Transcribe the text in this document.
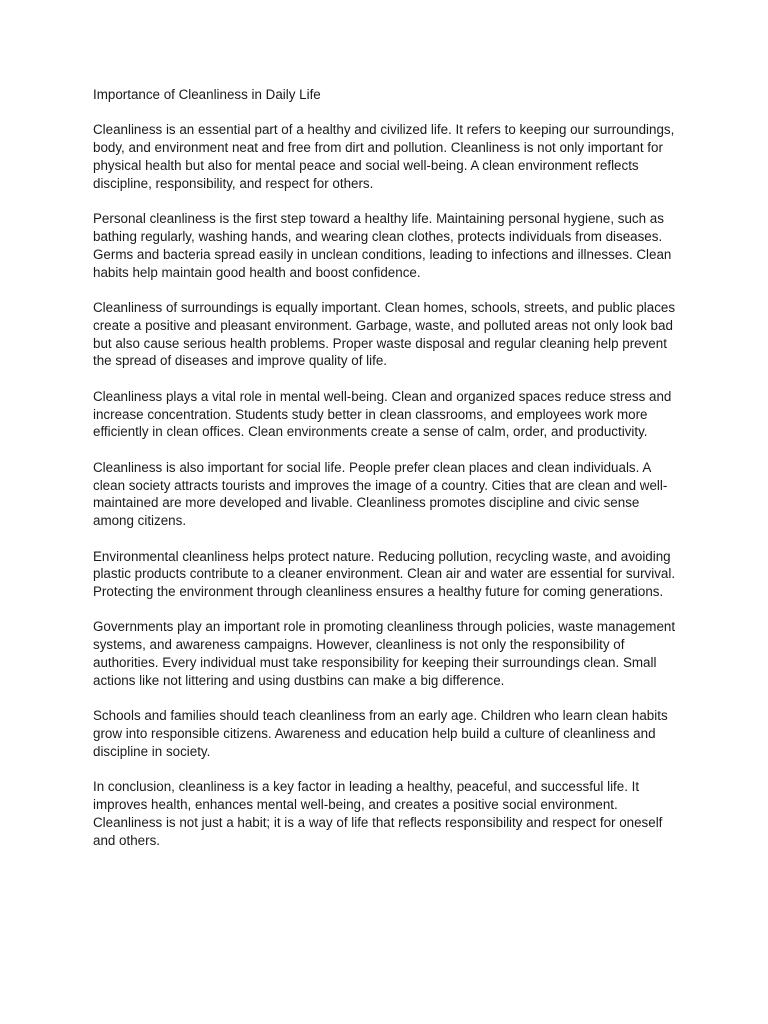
Importance of Cleanliness in Daily Life

Cleanliness is an essential part of a healthy and civilized life. It refers to keeping our surroundings, body, and environment neat and free from dirt and pollution. Cleanliness is not only important for physical health but also for mental peace and social well-being. A clean environment reflects discipline, responsibility, and respect for others.

Personal cleanliness is the first step toward a healthy life. Maintaining personal hygiene, such as bathing regularly, washing hands, and wearing clean clothes, protects individuals from diseases. Germs and bacteria spread easily in unclean conditions, leading to infections and illnesses. Clean habits help maintain good health and boost confidence.

Cleanliness of surroundings is equally important. Clean homes, schools, streets, and public places create a positive and pleasant environment. Garbage, waste, and polluted areas not only look bad but also cause serious health problems. Proper waste disposal and regular cleaning help prevent the spread of diseases and improve quality of life.

Cleanliness plays a vital role in mental well-being. Clean and organized spaces reduce stress and increase concentration. Students study better in clean classrooms, and employees work more efficiently in clean offices. Clean environments create a sense of calm, order, and productivity.

Cleanliness is also important for social life. People prefer clean places and clean individuals. A clean society attracts tourists and improves the image of a country. Cities that are clean and well-maintained are more developed and livable. Cleanliness promotes discipline and civic sense among citizens.

Environmental cleanliness helps protect nature. Reducing pollution, recycling waste, and avoiding plastic products contribute to a cleaner environment. Clean air and water are essential for survival. Protecting the environment through cleanliness ensures a healthy future for coming generations.

Governments play an important role in promoting cleanliness through policies, waste management systems, and awareness campaigns. However, cleanliness is not only the responsibility of authorities. Every individual must take responsibility for keeping their surroundings clean. Small actions like not littering and using dustbins can make a big difference.

Schools and families should teach cleanliness from an early age. Children who learn clean habits grow into responsible citizens. Awareness and education help build a culture of cleanliness and discipline in society.

In conclusion, cleanliness is a key factor in leading a healthy, peaceful, and successful life. It improves health, enhances mental well-being, and creates a positive social environment. Cleanliness is not just a habit; it is a way of life that reflects responsibility and respect for oneself and others.
